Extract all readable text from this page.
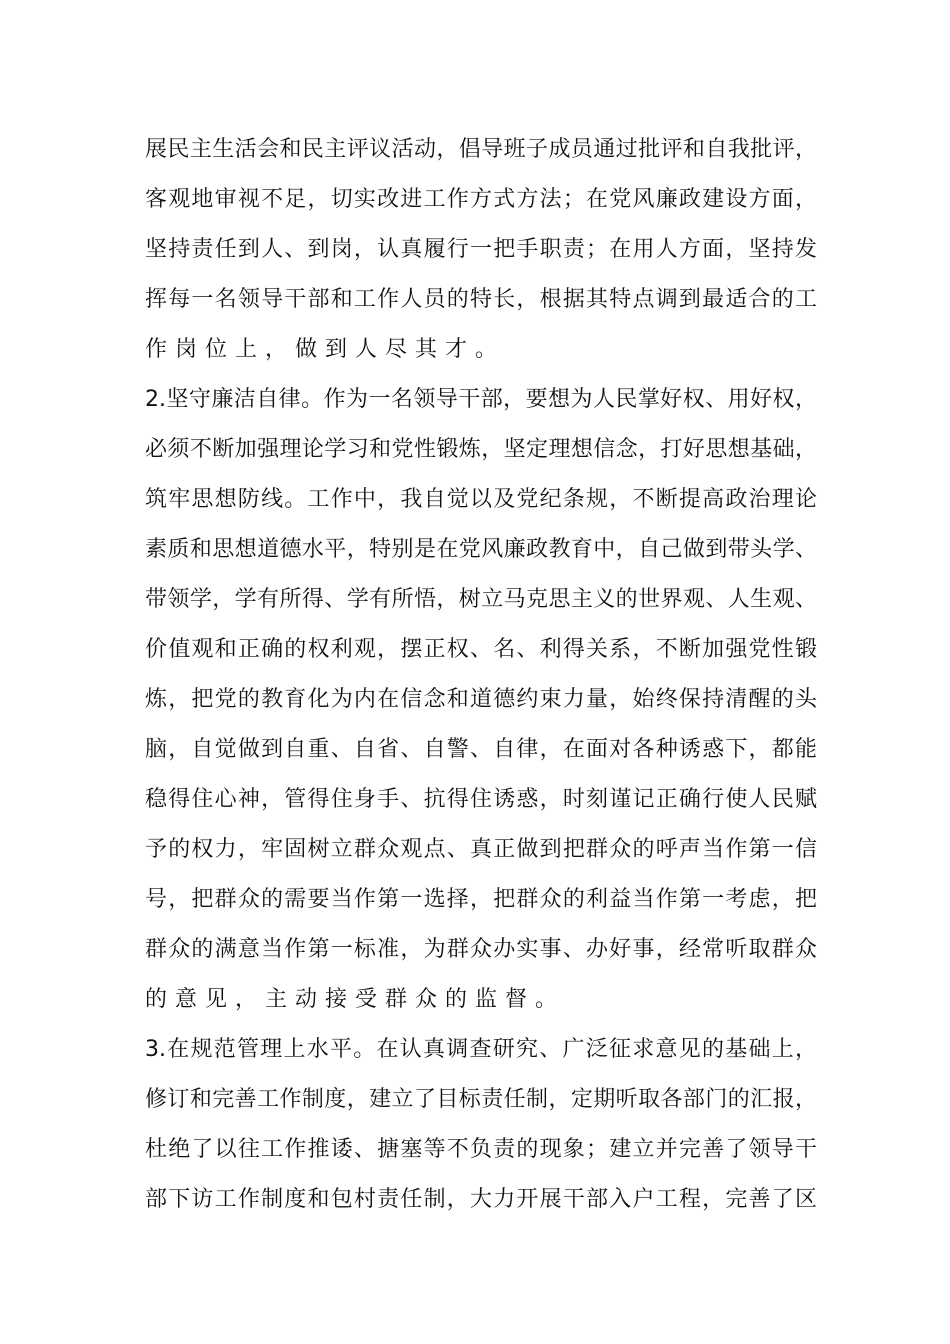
展民主生活会和民主评议活动，倡导班子成员通过批评和自我批评，
客观地审视不足，切实改进工作方式方法；在党风廉政建设方面，
坚持责任到人、到岗，认真履行一把手职责；在用人方面，坚持发
挥每一名领导干部和工作人员的特长，根据其特点调到最适合的工
作岗位上，做到人尽其才。
2.坚守廉洁自律。作为一名领导干部，要想为人民掌好权、用好权，
必须不断加强理论学习和党性锻炼，坚定理想信念，打好思想基础，
筑牢思想防线。工作中，我自觉以及党纪条规，不断提高政治理论
素质和思想道德水平，特别是在党风廉政教育中，自己做到带头学、
带领学，学有所得、学有所悟，树立马克思主义的世界观、人生观、
价值观和正确的权利观，摆正权、名、利得关系，不断加强党性锻
炼，把党的教育化为内在信念和道德约束力量，始终保持清醒的头
脑，自觉做到自重、自省、自警、自律，在面对各种诱惑下，都能
稳得住心神，管得住身手、抗得住诱惑，时刻谨记正确行使人民赋
予的权力，牢固树立群众观点、真正做到把群众的呼声当作第一信
号，把群众的需要当作第一选择，把群众的利益当作第一考虑，把
群众的满意当作第一标准，为群众办实事、办好事，经常听取群众
的意见，主动接受群众的监督。
3.在规范管理上水平。在认真调查研究、广泛征求意见的基础上，
修订和完善工作制度，建立了目标责任制，定期听取各部门的汇报，
杜绝了以往工作推诿、搪塞等不负责的现象；建立并完善了领导干
部下访工作制度和包村责任制，大力开展干部入户工程，完善了区
